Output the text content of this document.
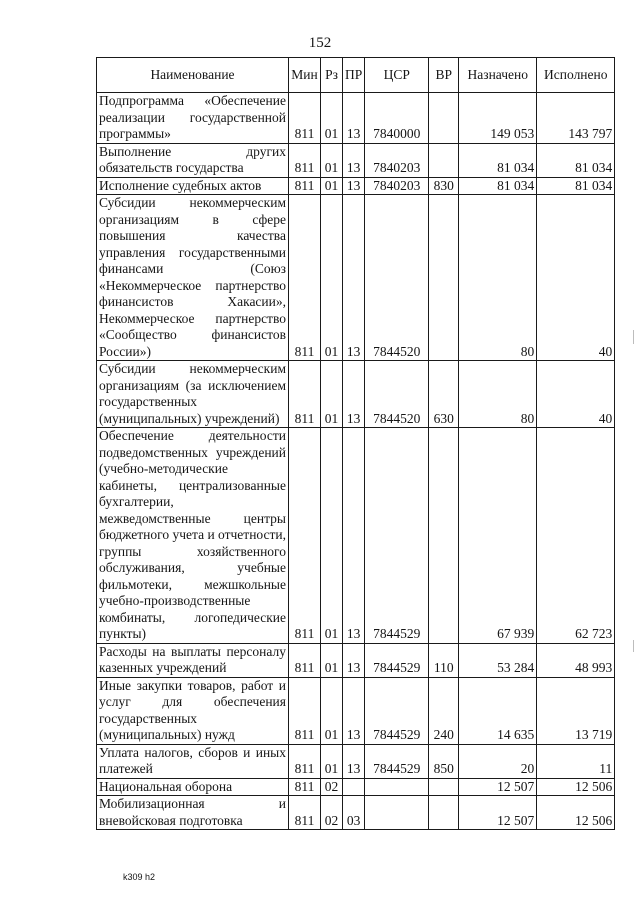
152
Наименование	Мин	Рз	ПР	ЦСР	ВР	Назначено	Исполнено
Подпрограмма «Обеспечение реализации государственной программы»	811	01	13	7840000		149 053	143 797
Выполнение других обязательств государства	811	01	13	7840203		81 034	81 034
Исполнение судебных актов	811	01	13	7840203	830	81 034	81 034
Субсидии некоммерческим организациям в сфере повышения качества управления государственными финансами (Союз «Некоммерческое партнерство финансистов Хакасии», Некоммерческое партнерство «Сообщество финансистов России»)	811	01	13	7844520		80	40
Субсидии некоммерческим организациям (за исключением государственных (муниципальных) учреждений)	811	01	13	7844520	630	80	40
Обеспечение деятельности подведомственных учреждений (учебно-методические кабинеты, централизованные бухгалтерии, межведомственные центры бюджетного учета и отчетности, группы хозяйственного обслуживания, учебные фильмотеки, межшкольные учебно-производственные комбинаты, логопедические пункты)	811	01	13	7844529		67 939	62 723
Расходы на выплаты персоналу казенных учреждений	811	01	13	7844529	110	53 284	48 993
Иные закупки товаров, работ и услуг для обеспечения государственных (муниципальных) нужд	811	01	13	7844529	240	14 635	13 719
Уплата налогов, сборов и иных платежей	811	01	13	7844529	850	20	11
Национальная оборона	811	02				12 507	12 506
Мобилизационная и вневойсковая подготовка	811	02	03			12 507	12 506
k309 h2
